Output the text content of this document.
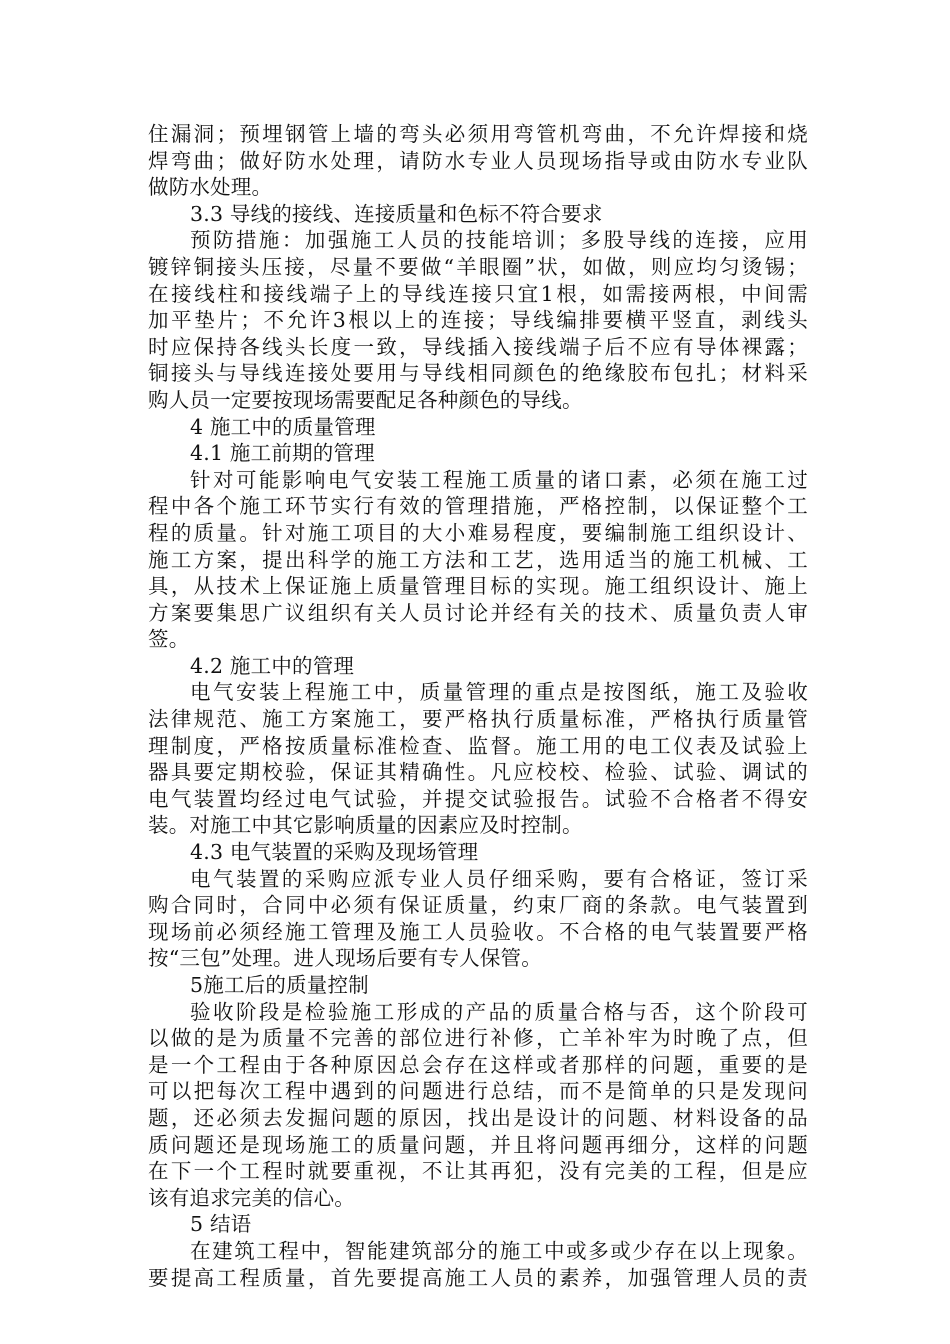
住漏洞；预埋钢管上墙的弯头必须用弯管机弯曲，不允许焊接和烧
焊弯曲；做好防水处理，请防水专业人员现场指导或由防水专业队
做防水处理。
3.3 导线的接线、连接质量和色标不符合要求
预防措施：加强施工人员的技能培训；多股导线的连接，应用
镀锌铜接头压接，尽量不要做“羊眼圈”状，如做，则应均匀烫锡；
在接线柱和接线端子上的导线连接只宜1根，如需接两根，中间需
加平垫片；不允许3根以上的连接；导线编排要横平竖直，剥线头
时应保持各线头长度一致，导线插入接线端子后不应有导体裸露；
铜接头与导线连接处要用与导线相同颜色的绝缘胶布包扎；材料采
购人员一定要按现场需要配足各种颜色的导线。
4 施工中的质量管理
4.1 施工前期的管理
针对可能影响电气安装工程施工质量的诸口素，必须在施工过
程中各个施工环节实行有效的管理措施，严格控制，以保证整个工
程的质量。针对施工项目的大小难易程度，要编制施工组织设计、
施工方案，提出科学的施工方法和工艺，选用适当的施工机械、工
具，从技术上保证施上质量管理目标的实现。施工组织设计、施上
方案要集思广议组织有关人员讨论并经有关的技术、质量负责人审
签。
4.2 施工中的管理
电气安装上程施工中，质量管理的重点是按图纸，施工及验收
法律规范、施工方案施工，要严格执行质量标准，严格执行质量管
理制度，严格按质量标准检查、监督。施工用的电工仪表及试验上
器具要定期校验，保证其精确性。凡应校校、检验、试验、调试的
电气装置均经过电气试验，并提交试验报告。试验不合格者不得安
装。对施工中其它影响质量的因素应及时控制。
4.3 电气装置的采购及现场管理
电气装置的采购应派专业人员仔细采购，要有合格证，签订采
购合同时，合同中必须有保证质量，约束厂商的条款。电气装置到
现场前必须经施工管理及施工人员验收。不合格的电气装置要严格
按“三包”处理。进人现场后要有专人保管。
5施工后的质量控制
验收阶段是检验施工形成的产品的质量合格与否，这个阶段可
以做的是为质量不完善的部位进行补修，亡羊补牢为时晚了点，但
是一个工程由于各种原因总会存在这样或者那样的问题，重要的是
可以把每次工程中遇到的问题进行总结，而不是简单的只是发现问
题，还必须去发掘问题的原因，找出是设计的问题、材料设备的品
质问题还是现场施工的质量问题，并且将问题再细分，这样的问题
在下一个工程时就要重视，不让其再犯，没有完美的工程，但是应
该有追求完美的信心。
5 结语
在建筑工程中，智能建筑部分的施工中或多或少存在以上现象。
要提高工程质量，首先要提高施工人员的素养，加强管理人员的责
